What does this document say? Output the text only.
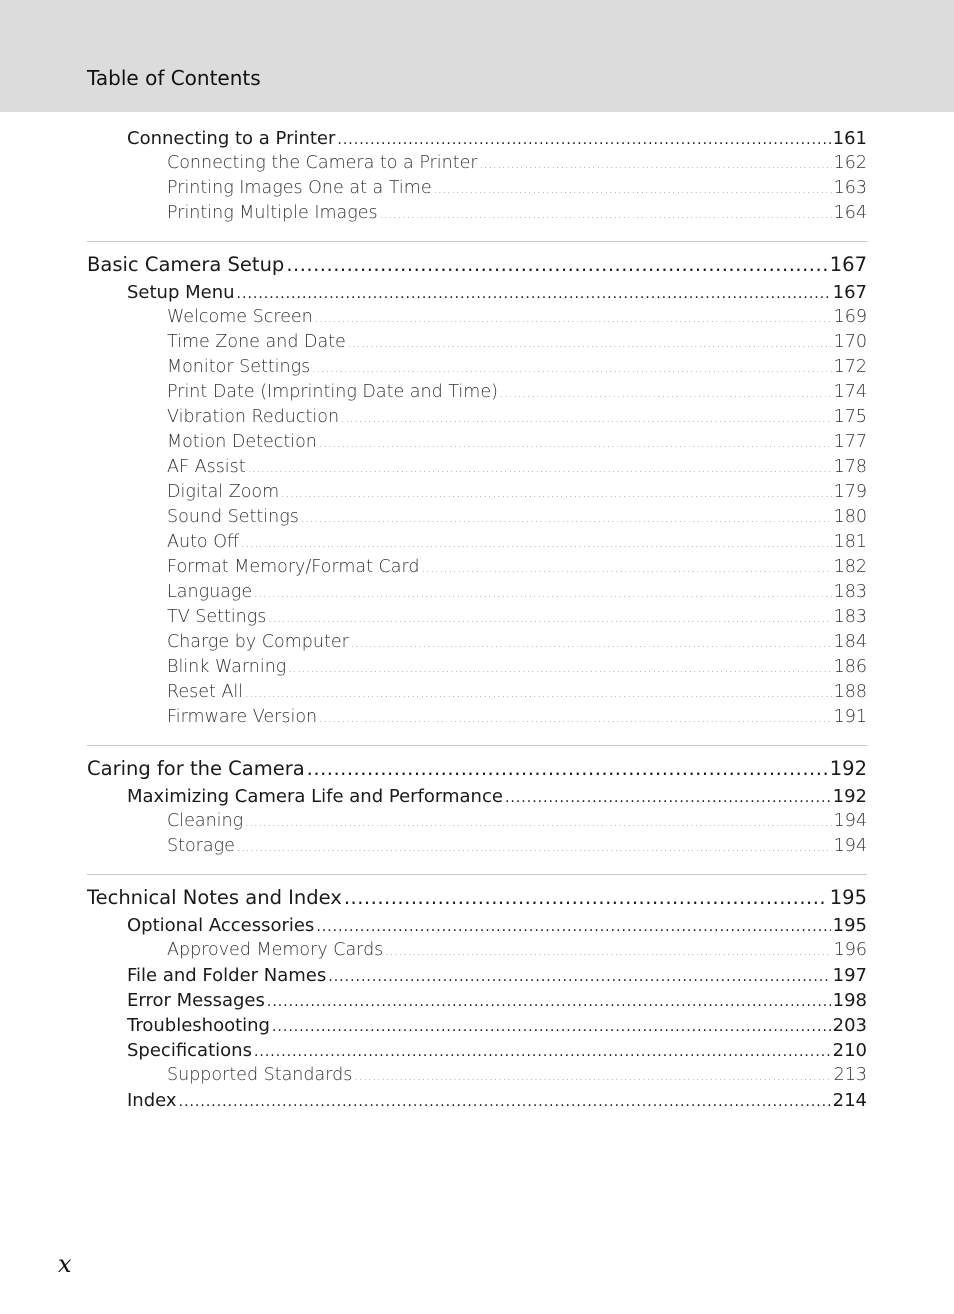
Table of Contents
Connecting to a Printer .....	161
Connecting the Camera to a Printer .....	162
Printing Images One at a Time .....	163
Printing Multiple Images .....	164
Basic Camera Setup .....	167
Setup Menu .....	167
Welcome Screen .....	169
Time Zone and Date .....	170
Monitor Settings .....	172
Print Date (Imprinting Date and Time) .....	174
Vibration Reduction .....	175
Motion Detection .....	177
AF Assist .....	178
Digital Zoom .....	179
Sound Settings .....	180
Auto Off .....	181
Format Memory/Format Card .....	182
Language .....	183
TV Settings .....	183
Charge by Computer .....	184
Blink Warning .....	186
Reset All .....	188
Firmware Version .....	191
Caring for the Camera .....	192
Maximizing Camera Life and Performance .....	192
Cleaning .....	194
Storage .....	194
Technical Notes and Index .....	195
Optional Accessories .....	195
Approved Memory Cards .....	196
File and Folder Names .....	197
Error Messages .....	198
Troubleshooting .....	203
Specifications .....	210
Supported Standards .....	213
Index .....	214
x
